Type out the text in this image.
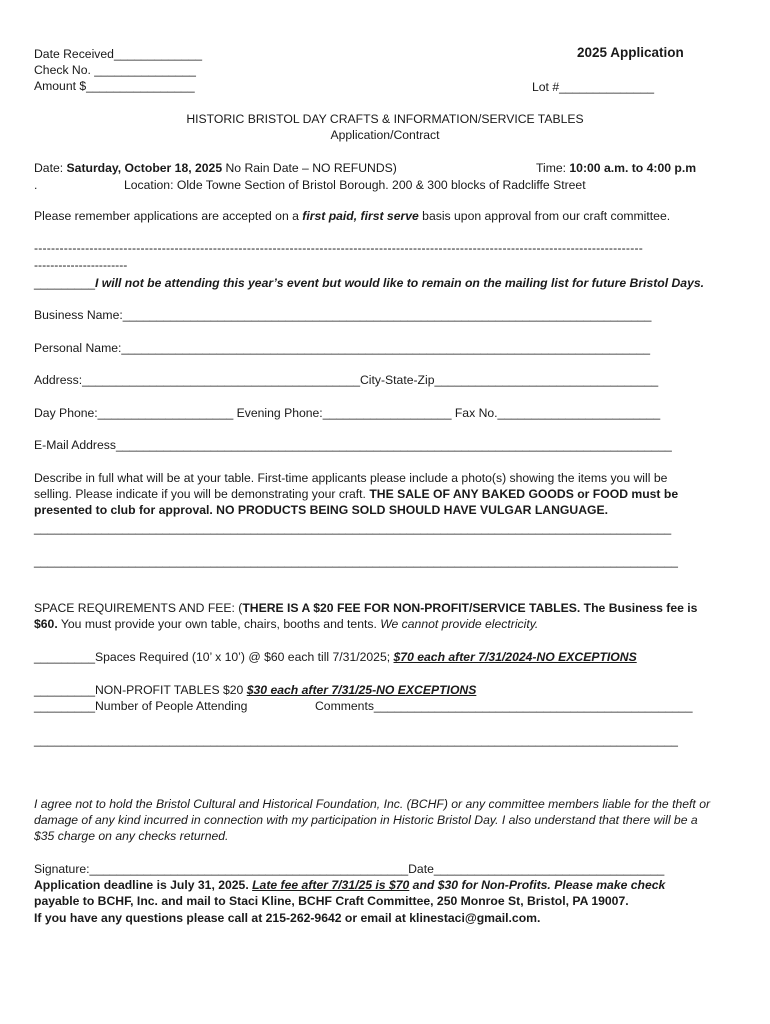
Date Received_____________
Check No. _______________
Amount $________________
2025 Application
Lot #______________
HISTORIC BRISTOL DAY CRAFTS & INFORMATION/SERVICE TABLES
Application/Contract
Date: Saturday, October 18, 2025 No Rain Date – NO REFUNDS)	Time: 10:00 a.m. to 4:00 p.m
.	Location: Olde Towne Section of Bristol Borough. 200 & 300 blocks of Radcliffe Street
Please remember applications are accepted on a first paid, first serve basis upon approval from our craft committee.
-----------------------------------------------------------------------------------------------------------------------------------------------
-----------------------
_________I will not be attending this year’s event but would like to remain on the mailing list for future Bristol Days.
Business Name:______________________________________________________________________________
Personal Name:______________________________________________________________________________
Address:_________________________________________City-State-Zip_________________________________
Day Phone:____________________ Evening Phone:___________________ Fax No.________________________
E-Mail Address__________________________________________________________________________________
Describe in full what will be at your table. First-time applicants please include a photo(s) showing the items you will be
selling. Please indicate if you will be demonstrating your craft. THE SALE OF ANY BAKED GOODS or FOOD must be
presented to club for approval. NO PRODUCTS BEING SOLD SHOULD HAVE VULGAR LANGUAGE.
______________________________________________________________________________________________
_______________________________________________________________________________________________
SPACE REQUIREMENTS AND FEE: (THERE IS A $20 FEE FOR NON-PROFIT/SERVICE TABLES. The Business fee is
$60. You must provide your own table, chairs, booths and tents. We cannot provide electricity.
_________Spaces Required (10’ x 10’) @ $60 each till 7/31/2025; $70 each after 7/31/2024-NO EXCEPTIONS
_________NON-PROFIT TABLES $20 $30 each after 7/31/25-NO EXCEPTIONS
_________Number of People Attending	Comments_______________________________________________
_______________________________________________________________________________________________
I agree not to hold the Bristol Cultural and Historical Foundation, Inc. (BCHF) or any committee members liable for the theft or
damage of any kind incurred in connection with my participation in Historic Bristol Day. I also understand that there will be a
$35 charge on any checks returned.
Signature:_______________________________________________Date__________________________________
Application deadline is July 31, 2025. Late fee after 7/31/25 is $70 and $30 for Non-Profits. Please make check
payable to BCHF, Inc. and mail to Staci Kline, BCHF Craft Committee, 250 Monroe St, Bristol, PA 19007.
If you have any questions please call at 215-262-9642 or email at klinestaci@gmail.com.
